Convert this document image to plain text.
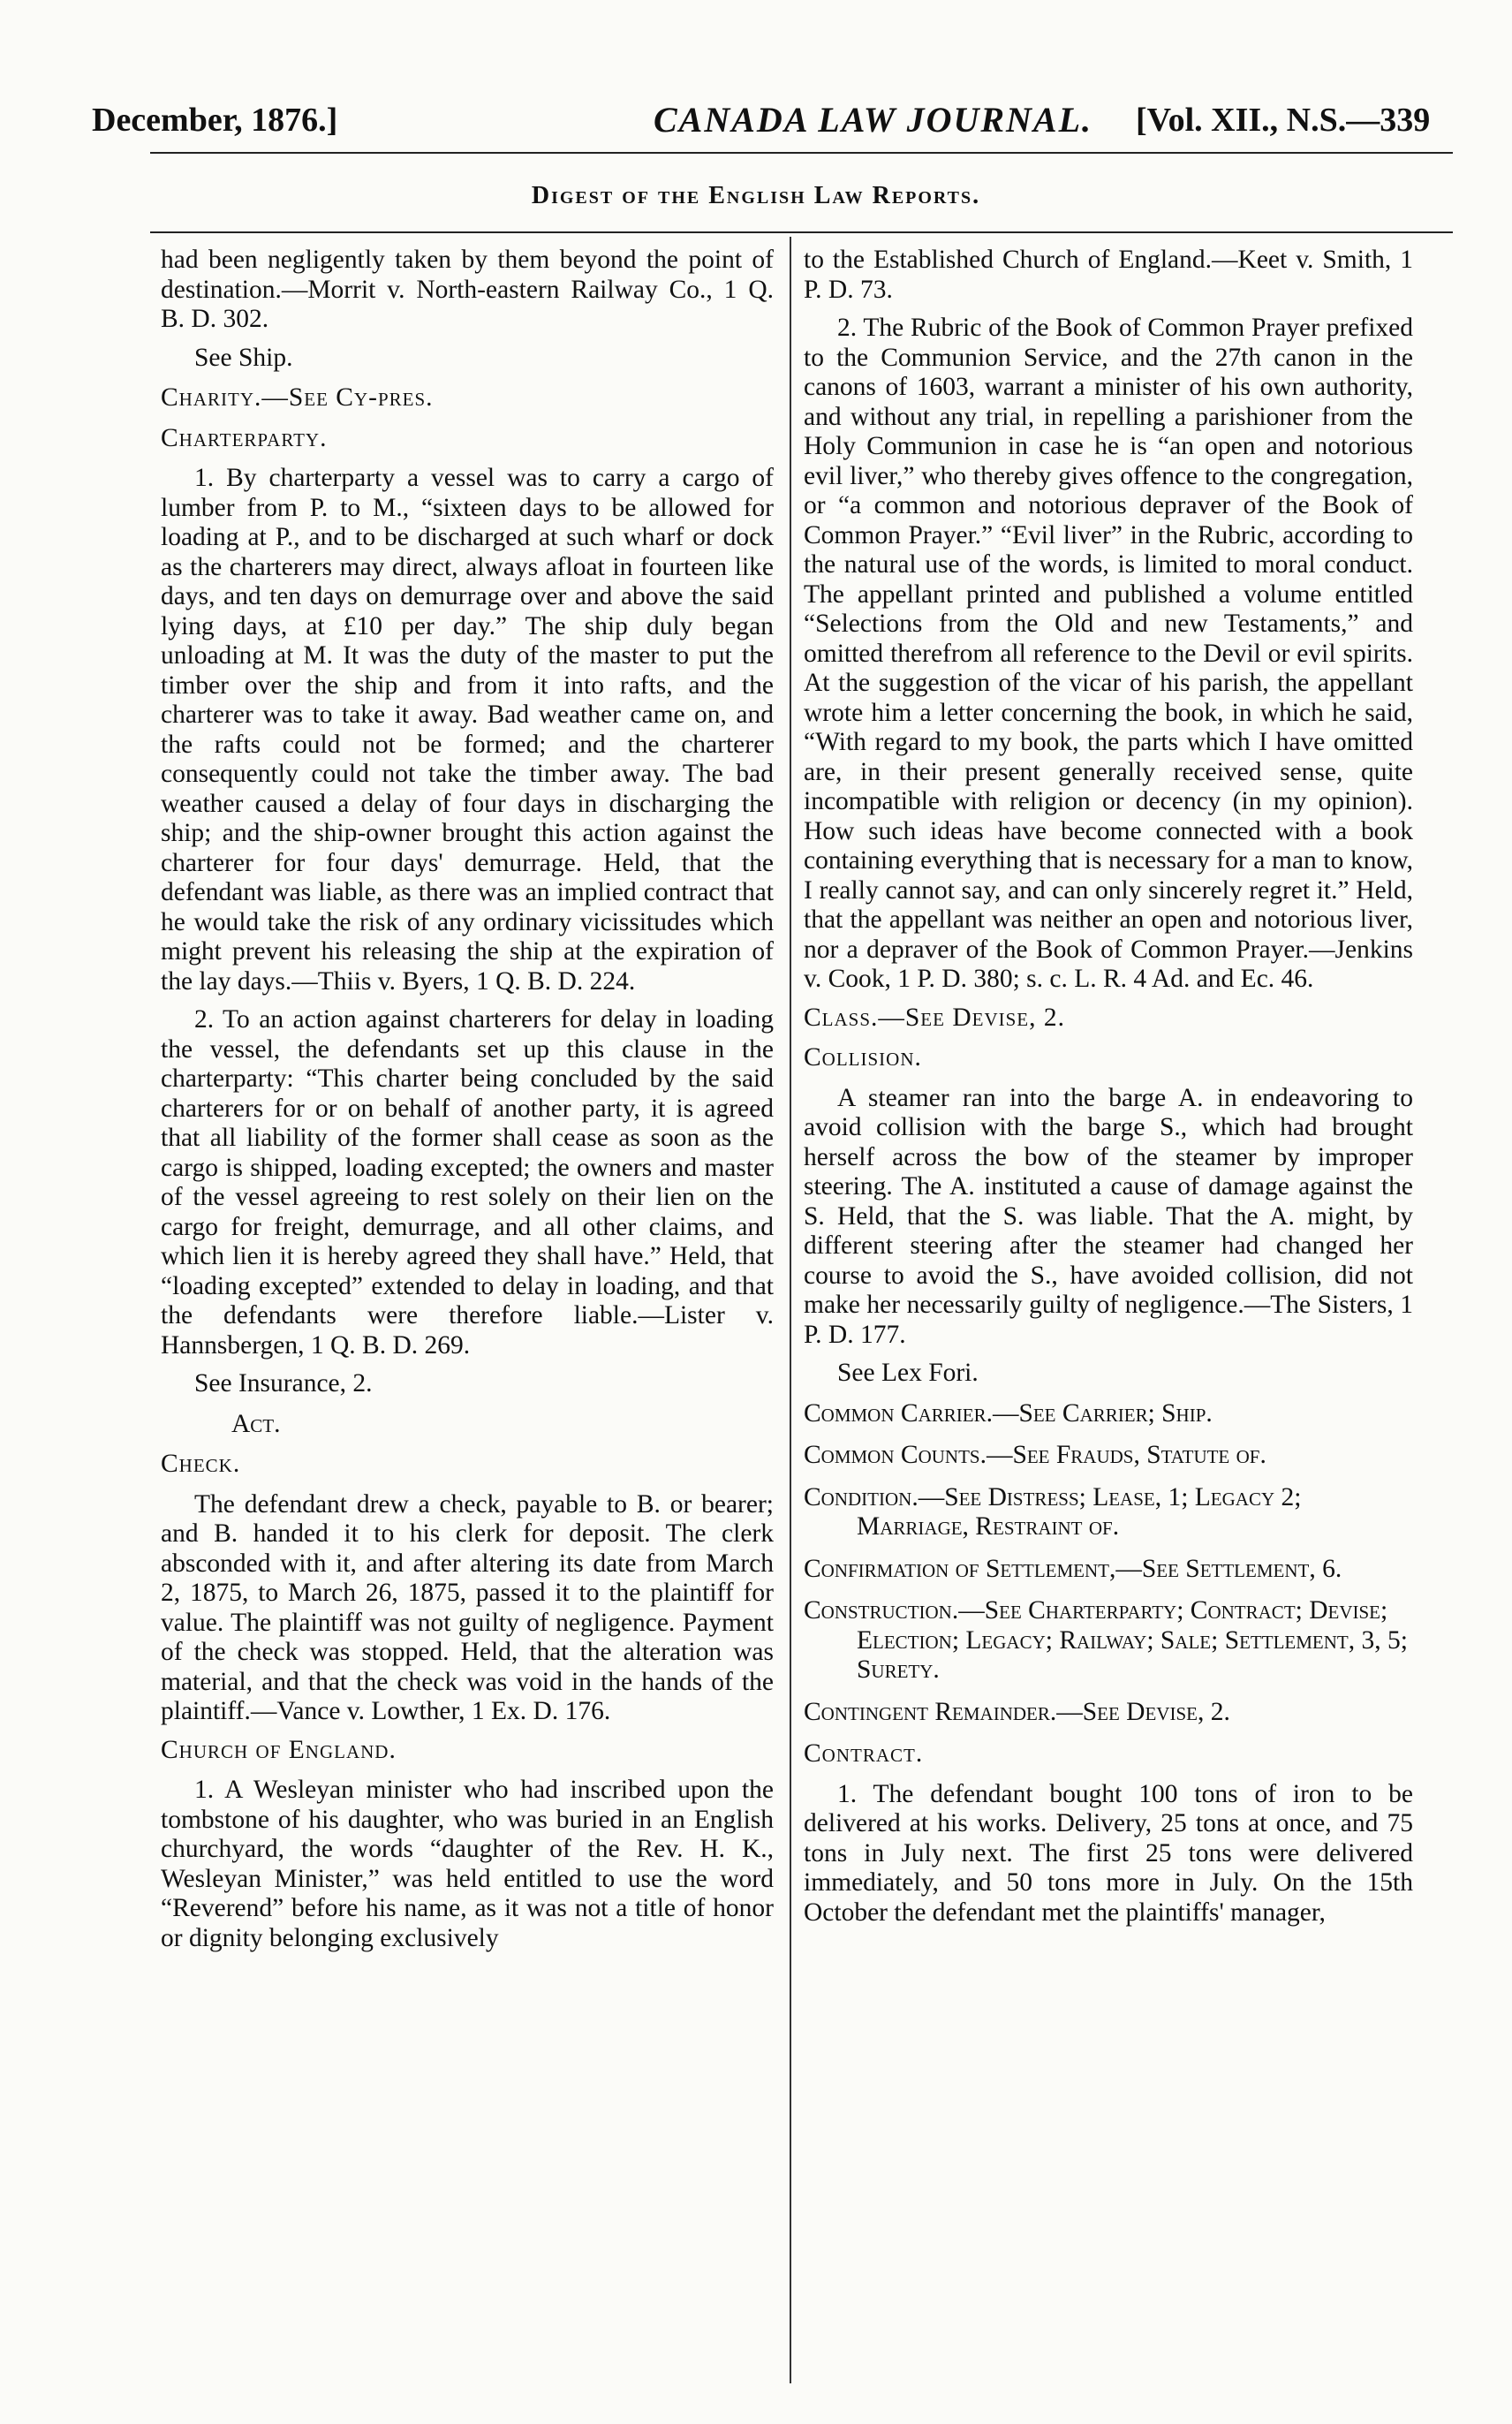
December, 1876.]	CANADA LAW JOURNAL. [Vol. XII., N.S.—339
Digest of the English Law Reports.

had been negligently taken by them beyond the point of destination.—Morrit v. North-eastern Railway Co., 1 Q. B. D. 302.

See Ship.
Charity.—See Cy-pres.
Charterparty.

1. By charterparty a vessel was to carry a cargo of lumber from P. to M., “sixteen days to be allowed for loading at P., and to be discharged at such wharf or dock as the charterers may direct, always afloat in fourteen like days, and ten days on demurrage over and above the said lying days, at £10 per day.” The ship duly began unloading at M. It was the duty of the master to put the timber over the ship and from it into rafts, and the charterer was to take it away. Bad weather came on, and the rafts could not be formed; and the charterer consequently could not take the timber away. The bad weather caused a delay of four days in discharging the ship; and the ship-owner brought this action against the charterer for four days' demurrage. Held, that the defendant was liable, as there was an implied contract that he would take the risk of any ordinary vicissitudes which might prevent his releasing the ship at the expiration of the lay days.—Thiis v. Byers, 1 Q. B. D. 224.

2. To an action against charterers for delay in loading the vessel, the defendants set up this clause in the charterparty: “This charter being concluded by the said charterers for or on behalf of another party, it is agreed that all liability of the former shall cease as soon as the cargo is shipped, loading excepted; the owners and master of the vessel agreeing to rest solely on their lien on the cargo for freight, demurrage, and all other claims, and which lien it is hereby agreed they shall have.” Held, that “loading excepted” extended to delay in loading, and that the defendants were therefore liable.—Lister v. Hannsbergen, 1 Q. B. D. 269.

See Insurance, 2.
Act.
Check.

The defendant drew a check, payable to B. or bearer; and B. handed it to his clerk for deposit. The clerk absconded with it, and after altering its date from March 2, 1875, to March 26, 1875, passed it to the plaintiff for value. The plaintiff was not guilty of negligence. Payment of the check was stopped. Held, that the alteration was material, and that the check was void in the hands of the plaintiff.—Vance v. Lowther, 1 Ex. D. 176.

Church of England.

1. A Wesleyan minister who had inscribed upon the tombstone of his daughter, who was buried in an English churchyard, the words “daughter of the Rev. H. K., Wesleyan Minister,” was held entitled to use the word “Reverend” before his name, as it was not a title of honor or dignity belonging exclusively

to the Established Church of England.—Keet v. Smith, 1 P. D. 73.

2. The Rubric of the Book of Common Prayer prefixed to the Communion Service, and the 27th canon in the canons of 1603, warrant a minister of his own authority, and without any trial, in repelling a parishioner from the Holy Communion in case he is “an open and notorious evil liver,” who thereby gives offence to the congregation, or “a common and notorious depraver of the Book of Common Prayer.” “Evil liver” in the Rubric, according to the natural use of the words, is limited to moral conduct. The appellant printed and published a volume entitled “Selections from the Old and new Testaments,” and omitted therefrom all reference to the Devil or evil spirits. At the suggestion of the vicar of his parish, the appellant wrote him a letter concerning the book, in which he said, “With regard to my book, the parts which I have omitted are, in their present generally received sense, quite incompatible with religion or decency (in my opinion). How such ideas have become connected with a book containing everything that is necessary for a man to know, I really cannot say, and can only sincerely regret it.” Held, that the appellant was neither an open and notorious liver, nor a depraver of the Book of Common Prayer.—Jenkins v. Cook, 1 P. D. 380; s. c. L. R. 4 Ad. and Ec. 46.

Class.—See Devise, 2.
Collision.

A steamer ran into the barge A. in endeavoring to avoid collision with the barge S., which had brought herself across the bow of the steamer by improper steering. The A. instituted a cause of damage against the S. Held, that the S. was liable. That the A. might, by different steering after the steamer had changed her course to avoid the S., have avoided collision, did not make her necessarily guilty of negligence.—The Sisters, 1 P. D. 177.

See Lex Fori.
Common Carrier.—See Carrier; Ship.
Common Counts.—See Frauds, Statute of.
Condition.—See Distress; Lease, 1; Legacy 2; Marriage, Restraint of.
Confirmation of Settlement,—See Settlement, 6.
Construction.—See Charterparty; Contract; Devise; Election; Legacy; Railway; Sale; Settlement, 3, 5; Surety.
Contingent Remainder.—See Devise, 2.
Contract.

1. The defendant bought 100 tons of iron to be delivered at his works. Delivery, 25 tons at once, and 75 tons in July next. The first 25 tons were delivered immediately, and 50 tons more in July. On the 15th October the defendant met the plaintiffs' manager,
